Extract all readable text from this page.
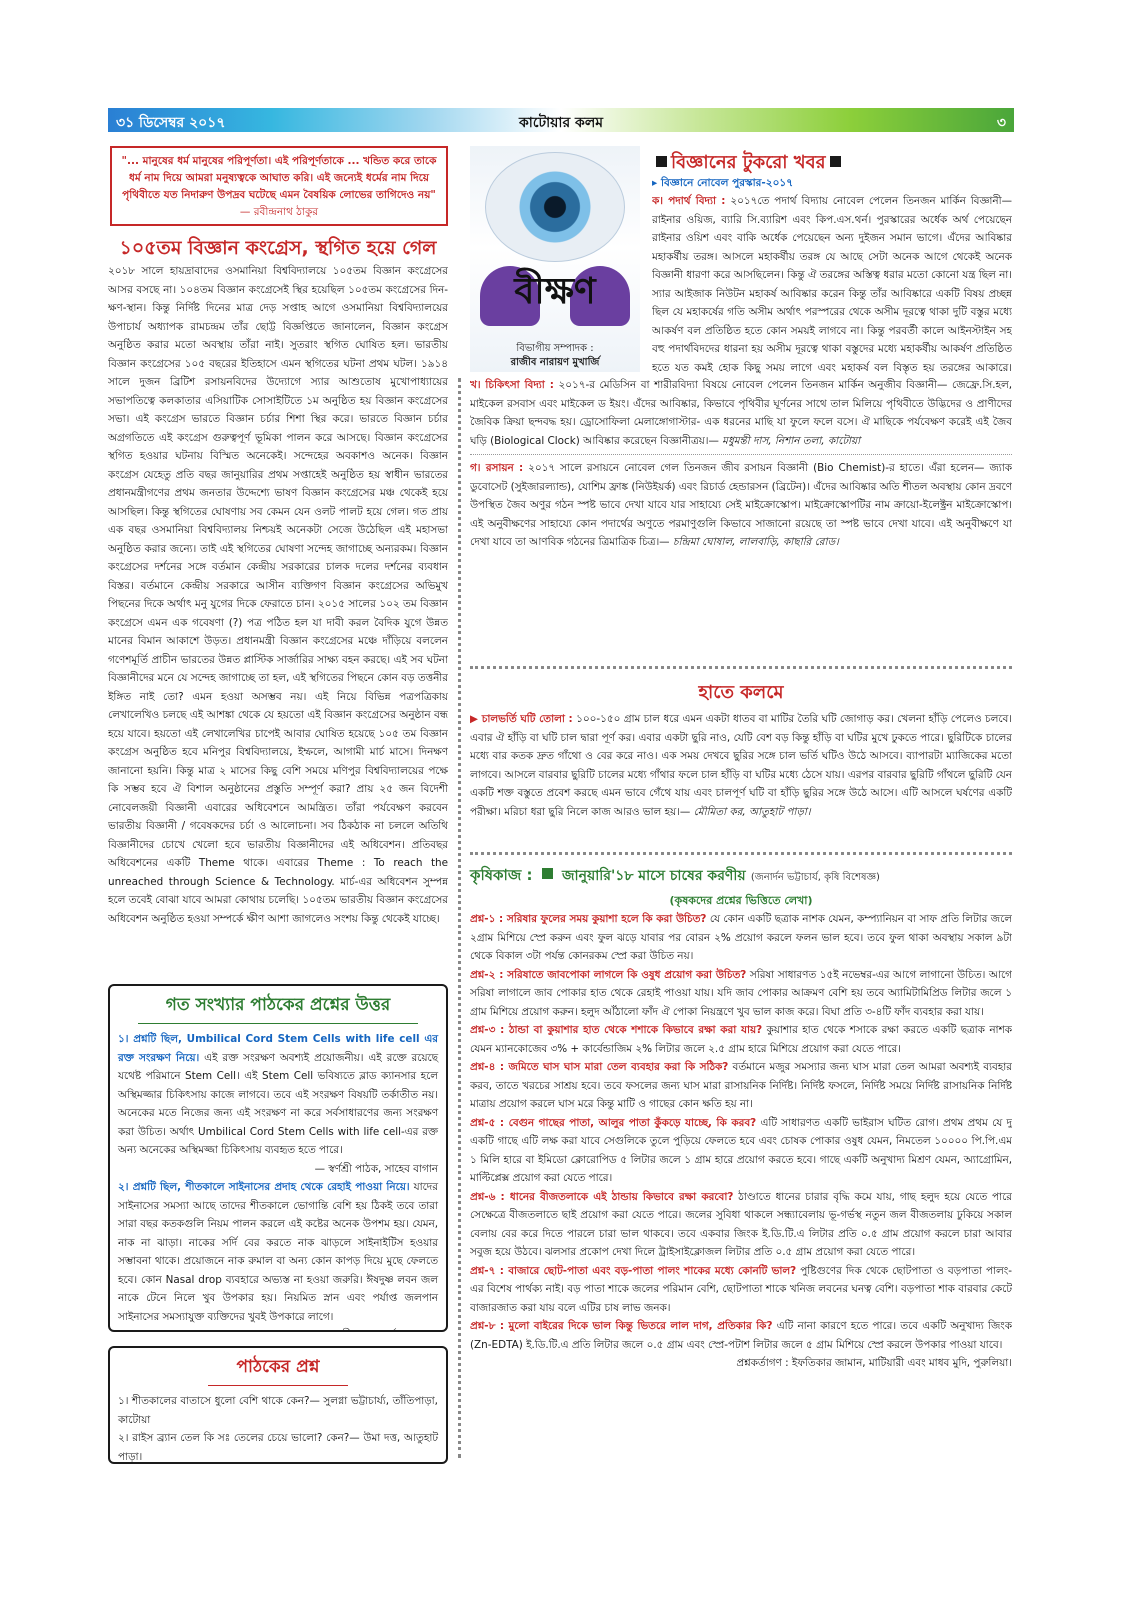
৩১ ডিসেম্বর ২০১৭	কাটোয়ার কলম	৩
"... মানুষের ধর্ম মানুষের পরিপূর্ণতা। এই পরিপূর্ণতাকে ... খন্ডিত করে তাকে ধর্ম নাম দিয়ে আমরা মনুষ্যত্বকে আঘাত করি। এই জন্যেই ধর্মের নাম দিয়ে পৃথিবীতে যত নিদারুণ উপদ্রব ঘটেছে এমন বৈষয়িক লোভের তাগিদেও নয়" — রবীন্দ্রনাথ ঠাকুর
১০৫তম বিজ্ঞান কংগ্রেস, স্থগিত হয়ে গেল
২০১৮ সালে হায়দ্রাবাদের ওসমানিয়া বিশ্ববিদ্যালয়ে ১০৫তম বিজ্ঞান কংগ্রেসের আসর বসছে না। ১০৪তম বিজ্ঞান কংগ্রেসেই স্থির হয়েছিল ১০৫তম কংগ্রেসের দিন-ক্ষণ-স্থান। কিন্তু নির্দিষ্ট দিনের মাত্র দেড় সপ্তাহ আগে ওসমানিয়া বিশ্ববিদ্যালয়ের উপাচার্য অধ্যাপক রামচন্দ্রম তাঁর ছোট্ট বিজ্ঞপ্তিতে জানালেন, বিজ্ঞান কংগ্রেস অনুষ্ঠিত করার মতো অবস্থায় তাঁরা নাই। সুতরাং স্থগিত ঘোষিত হল। ভারতীয় বিজ্ঞান কংগ্রেসের ১০৫ বছরের ইতিহাসে এমন স্থগিতের ঘটনা প্রথম ঘটল। ১৯১৪ সালে দুজন ব্রিটিশ রসায়নবিদের উদ্যোগে স্যার আশুতোষ মুখোপাধ্যায়ের সভাপতিত্বে কলকাতার এসিয়াটিক সোসাইটিতে ১ম অনুষ্ঠিত হয় বিজ্ঞান কংগ্রেসের সভা। এই কংগ্রেস ভারতে বিজ্ঞান চর্চার শিশা স্থির করে। ভারতে বিজ্ঞান চর্চার অগ্রগতিতে এই কংগ্রেস গুরুত্বপূর্ণ ভূমিকা পালন করে আসছে। বিজ্ঞান কংগ্রেসের স্থগিত হওয়ার ঘটনায় বিস্মিত অনেকেই। সন্দেহের অবকাশও অনেক। বিজ্ঞান কংগ্রেস যেহেতু প্রতি বছর জানুয়ারির প্রথম সপ্তাহেই অনুষ্ঠিত হয় স্বাধীন ভারতের প্রধানমন্ত্রীগণের প্রথম জনতার উদ্দেশ্যে ভাষণ বিজ্ঞান কংগ্রেসের মঞ্চ থেকেই হয়ে আসছিল। কিন্তু স্থগিতের ঘোষণায় সব কেমন যেন ওলট পালট হয়ে গেল। গত প্রায় এক বছর ওসমানিয়া বিশ্ববিদ্যালয় নিশ্চয়ই অনেকটা সেজে উঠেছিল এই মহাসভা অনুষ্ঠিত করার জন্যে। তাই এই স্থগিতের ঘোষণা সন্দেহ জাগাচ্ছে অন্যরকম। বিজ্ঞান কংগ্রেসের দর্শনের সঙ্গে বর্তমান কেন্দ্রীয় সরকারের চালক দলের দর্শনের ব্যবধান বিস্তর। বর্তমানে কেন্দ্রীয় সরকারে আসীন ব্যক্তিগণ বিজ্ঞান কংগ্রেসের অভিমুখ পিছনের দিকে অর্থাৎ মনু যুগের দিকে ফেরাতে চান। ২০১৫ সালের ১০২ তম বিজ্ঞান কংগ্রেসে এমন এক গবেষণা (?) পত্র পঠিত হল যা দাবী করল বৈদিক যুগে উন্নত মানের বিমান আকাশে উড়ত। প্রধানমন্ত্রী বিজ্ঞান কংগ্রেসের মঞ্চে দাঁড়িয়ে বললেন গণেশমূর্তি প্রাচীন ভারতের উন্নত প্লাস্টিক সার্জারির সাক্ষ্য বহন করছে। এই সব ঘটনা বিজ্ঞানীদের মনে যে সন্দেহ জাগাচ্ছে তা হল, এই স্থগিতের পিছনে কোন বড় তত্তনীর ইঙ্গিত নাই তো? এমন হওয়া অসম্ভব নয়। এই নিয়ে বিভিন্ন পত্রপত্রিকায় লেখালেখিও চলছে এই আশঙ্কা থেকে যে হয়তো এই বিজ্ঞান কংগ্রেসের অনুষ্ঠান বন্ধ হয়ে যাবে। হয়তো এই লেখালেখির চাপেই আবার ঘোষিত হয়েছে ১০৫ তম বিজ্ঞান কংগ্রেস অনুষ্ঠিত হবে মনিপুর বিশ্ববিদ্যালয়ে, ইম্ফলে, আগামী মার্চ মাসে। দিনক্ষণ জানানো হয়নি। কিন্তু মাত্র ২ মাসের কিছু বেশি সময়ে মণিপুর বিশ্ববিদ্যালয়ের পক্ষে কি সম্ভব হবে ঐ বিশাল অনুষ্ঠানের প্রস্তুতি সম্পূর্ণ করা? প্রায় ২৫ জন বিদেশী নোবেলজয়ী বিজ্ঞানী এবারের অধিবেশনে আমন্ত্রিত। তাঁরা পর্যবেক্ষণ করবেন ভারতীয় বিজ্ঞানী / গবেষকদের চর্চা ও আলোচনা। সব ঠিকঠাক না চললে অতিথি বিজ্ঞানীদের চোখে খেলো হবে ভারতীয় বিজ্ঞানীদের এই অধিবেশন। প্রতিবছর অধিবেশনের একটি Theme থাকে। এবারের Theme : To reach the unreached through Science & Technology. মার্চ-এর অধিবেশন সুম্পন্ন হলে তবেই বোঝা যাবে আমরা কোথায় চলেছি। ১০৫তম ভারতীয় বিজ্ঞান কংগ্রেসের অধিবেশন অনুষ্ঠিত হওয়া সম্পর্কে ক্ষীণ আশা জাগলেও সংশয় কিন্তু থেকেই যাচ্ছে।
গত সংখ্যার পাঠকের প্রশ্নের উত্তর
১। প্রশ্নটি ছিল, Umbilical Cord Stem Cells with life cell এর রক্ত সংরক্ষণ নিয়ে। এই রক্ত সংরক্ষণ অবশ্যই প্রয়োজনীয়। এই রক্তে রয়েছে যথেষ্ট পরিমানে Stem Cell। এই Stem Cell ভবিষ্যতে ব্লাড ক্যানসার হলে অস্থিমজ্জার চিকিৎসায় কাজে লাগবে। তবে এই সংরক্ষণ বিষয়টি তর্কাতীত নয়। অনেকের মতে নিজের জন্য এই সংরক্ষণ না করে সর্বসাধারণের জন্য সংরক্ষণ করা উচিত। অর্থাৎ Umbilical Cord Stem Cells with life cell-এর রক্ত অন্য অনেকের অস্থিমজ্জা চিকিৎসায় ব্যবহৃত হতে পারে।
— স্বর্ণশ্রী পাঠক, সাহেব বাগান
২। প্রশ্নটি ছিল, শীতকালে সাইনাসের প্রদাহ থেকে রেহাই পাওয়া নিয়ে। যাদের সাইনাসের সমস্যা আছে তাদের শীতকালে ভোগান্তি বেশি হয় ঠিকই তবে তারা সারা বছর কতকগুলি নিয়ম পালন করলে এই কষ্টের অনেক উপশম হয়। যেমন, নাক না ঝাড়া। নাকের সর্দি বের করতে নাক ঝাড়লে সাইনাইটিস হওয়ার সম্ভাবনা থাকে। প্রয়োজনে নাক রুমাল বা অন্য কোন কাপড় দিয়ে মুছে ফেলতে হবে। কোন Nasal drop ব্যবহারে অভ্যস্ত না হওয়া জরুরি। ঈষদুষ্ণ লবন জল নাকে টেনে নিলে খুব উপকার হয়। নিয়মিত স্নান এবং পর্যাপ্ত জলপান সাইনাসের সমস্যাযুক্ত ব্যক্তিদের খুবই উপকারে লাগে।
পাঠকের প্রশ্ন
১। শীতকালের বাতাসে ধুলো বেশি থাকে কেন?— সুলগ্না ভট্টাচার্য্য, তাঁতিপাড়া, কাটোয়া
২। রাইস ব্র্যান তেল কি সঃ তেলের চেয়ে ভালো? কেন?— উমা দত্ত, আতুহাট পাড়া।
বীক্ষণ
বিভাগীয় সম্পাদক :
রাজীব নারায়ণ মুখার্জি
বিজ্ঞানের টুকরো খবর
▸ বিজ্ঞানে নোবেল পুরস্কার-২০১৭
ক। পদার্থ বিদ্যা : ২০১৭তে পদার্থ বিদ্যায় নোবেল পেলেন তিনজন মার্কিন বিজ্ঞানী— রাইনার ওয়িজ, ব্যারি সি.ব্যারিশ এবং কিপ.এস.থর্ন। পুরস্কারের অর্ধেক অর্থ পেয়েছেন রাইনার ওয়িশ এবং বাকি অর্ধেক পেয়েছেন অন্য দুইজন সমান ভাগে। এঁদের আবিষ্কার মহাকর্ষীয় তরঙ্গ। আসলে মহাকর্ষীয় তরঙ্গ যে আছে সেটা অনেক আগে থেকেই অনেক বিজ্ঞানী ধারণা করে আসছিলেন। কিন্তু ঐ তরঙ্গের অস্তিত্ব ধরার মতো কোনো যন্ত্র ছিল না। স্যার আইজাক নিউটন মহাকর্ষ আবিষ্কার করেন কিন্তু তাঁর আবিষ্কারে একটি বিষয় প্রচ্ছন্ন ছিল যে মহাকর্ষের গতি অসীম অর্থাৎ পরস্পরের থেকে অসীম দূরত্বে থাকা দুটি বস্তুর মধ্যে আকর্ষণ বল প্রতিষ্ঠিত হতে কোন সময়ই লাগবে না। কিন্তু পরবর্তী কালে আইনস্টাইন সহ বহু পদার্থবিদদের ধারনা হয় অসীম দূরত্বে থাকা বস্তুদের মধ্যে মহাকর্ষীয় আকর্ষণ প্রতিষ্ঠিত হতে যত কমই হোক কিছু সময় লাগে এবং মহাকর্ষ বল বিস্তৃত হয় তরঙ্গের আকারে।
খ। চিকিৎসা বিদ্যা : ২০১৭-র মেডিসিন বা শারীরবিদ্যা বিষয়ে নোবেল পেলেন তিনজন মার্কিন অনুজীব বিজ্ঞানী— জেফ্রে.সি.হল, মাইকেল রসবাস এবং মাইকেল ড ইয়ং। এঁদের আবিষ্কার, কিভাবে পৃথিবীর ঘূর্ণনের সাথে তাল মিলিয়ে পৃথিবীতে উদ্ভিদের ও প্রাণীদের জৈবিক ক্রিয়া ছন্দবদ্ধ হয়। ড্রোসোফিলা মেলাঙ্গোগাস্টার- এক ধরনের মাছি যা ফুলে ফলে বসে। ঐ মাছিকে পর্যবেক্ষণ করেই এই জৈব ঘড়ি (Biological Clock) আবিষ্কার করেছেন বিজ্ঞানীত্রয়।— মধুমন্তী দাস, নিশান তলা, কাটোয়া
গ। রসায়ন : ২০১৭ সালে রসায়নে নোবেল গেল তিনজন জীব রসায়ন বিজ্ঞানী (Bio Chemist)-র হাতে। এঁরা হলেন— জ্যাক ডুবোসেট (সুইজারল্যান্ড), যোশিম ফ্রাঙ্ক (নিউইয়র্ক) এবং রিচার্ড হেন্ডারসন (ব্রিটেন)। এঁদের আবিষ্কার অতি শীতল অবস্থায় কোন দ্রবণে উপস্থিত জৈব অণুর গঠন স্পষ্ট ভাবে দেখা যাবে যার সাহায্যে সেই মাইক্রোস্কোপ। মাইক্রোস্কোপটির নাম ক্রায়ো-ইলেক্ট্রন মাইক্রোস্কোপ। এই অনুবীক্ষণের সাহায্যে কোন পদার্থের অণুতে পরমাণুগুলি কিভাবে সাজানো রয়েছে তা স্পষ্ট ভাবে দেখা যাবে। এই অনুবীক্ষণে যা দেখা যাবে তা আণবিক গঠনের ত্রিমাত্রিক চিত্র।— চন্দ্রিমা ঘোষাল, লালবাড়ি, কাছারি রোড।
হাতে কলমে
▶ চালভর্তি ঘটি তোলা : ১০০-১৫০ গ্রাম চাল ধরে এমন একটা ধাতব বা মাটির তৈরি ঘটি জোগাড় কর। খেলনা হাঁড়ি পেলেও চলবে। এবার ঐ হাঁড়ি বা ঘটি চাল দ্বারা পূর্ণ কর। এবার একটা ছুরি নাও, যেটি বেশ বড় কিন্তু হাঁড়ি বা ঘটির মুখে ঢুকতে পারে। ছুরিটিকে চালের মধ্যে বার কতক দ্রুত গাঁথো ও বের করে নাও। এক সময় দেখবে ছুরির সঙ্গে চাল ভর্তি ঘটিও উঠে আসবে। ব্যাপারটা ম্যাজিকের মতো লাগবে। আসলে বারবার ছুরিটি চালের মধ্যে গাঁথার ফলে চাল হাঁড়ি বা ঘটির মধ্যে ঠেসে যায়। এরপর বারবার ছুরিটি গাঁথলে ছুরিটি যেন একটি শক্ত বস্তুতে প্রবেশ করছে এমন ভাবে গেঁথে যায় এবং চালপূর্ণ ঘটি বা হাঁড়ি ছুরির সঙ্গে উঠে আসে। এটি আসলে ঘর্ষণের একটি পরীক্ষা। মরিচা ধরা ছুরি নিলে কাজ আরও ভাল হয়।— মৌমিতা কর, আতুহাট পাড়া।
কৃষিকাজ : জানুয়ারি'১৮ মাসে চাষের করণীয় (জনার্দন ভট্টাচার্য, কৃষি বিশেষজ্ঞ)
(কৃষকদের প্রশ্নের ভিত্তিতে লেখা)
প্রশ্ন-১ : সরিষার ফুলের সময় কুয়াশা হলে কি করা উচিত? যে কোন একটি ছত্রাক নাশক যেমন, কম্প্যানিয়ন বা সাফ প্রতি লিটার জলে ২গ্রাম মিশিয়ে স্প্রে করুন এবং ফুল ঝড়ে যাবার পর বোরন ২% প্রয়োগ করলে ফলন ভাল হবে। তবে ফুল থাকা অবস্থায় সকাল ৯টা থেকে বিকাল ৩টা পর্যন্ত কোনরকম স্প্রে করা উচিত নয়।
প্রশ্ন-২ : সরিষাতে জাবপোকা লাগলে কি ওষুধ প্রয়োগ করা উচিত? সরিষা সাধারণত ১৫ই নভেম্বর-এর আগে লাগানো উচিত। আগে সরিষা লাগালে জাব পোকার হাত থেকে রেহাই পাওয়া যায়। যদি জাব পোকার আক্রমণ বেশি হয় তবে অ্যামিটামিপ্রিড লিটার জলে ১ গ্রাম মিশিয়ে প্রয়োগ করুন। হলুদ আঁঠালো ফাঁদ ঐ পোকা নিয়ন্ত্রণে খুব ভাল কাজ করে। বিঘা প্রতি ৩-৪টি ফাঁদ ব্যবহার করা যায়।
প্রশ্ন-৩ : ঠান্ডা বা কুয়াশার হাত থেকে শশাকে কিভাবে রক্ষা করা যায়? কুয়াশার হাত থেকে শসাকে রক্ষা করতে একটি ছত্রাক নাশক যেমন ম্যানকোজেব ৩% + কার্বেন্ডাজিম ২% লিটার জলে ২.৫ গ্রাম হারে মিশিয়ে প্রয়োগ করা যেতে পারে।
প্রশ্ন-৪ : জমিতে ঘাস ঘাস মারা তেল ব্যবহার করা কি সঠিক? বর্তমানে মজুর সমস্যার জন্য ঘাস মারা তেল আমরা অবশ্যই ব্যবহার করব, তাতে খরচের সাশ্রয় হবে। তবে ফসলের জন্য ঘাস মারা রাসায়নিক নির্দিষ্ট। নির্দিষ্ট ফসলে, নির্দিষ্ট সময়ে নির্দিষ্ট রাসায়নিক নির্দিষ্ট মাত্রায় প্রয়োগ করলে ঘাস মরে কিন্তু মাটি ও গাছের কোন ক্ষতি হয় না।
প্রশ্ন-৫ : বেগুন গাছের পাতা, আলুর পাতা কুঁকড়ে যাচ্ছে, কি করব? এটি সাধারণত একটি ভাইরাস ঘটিত রোগ। প্রথম প্রথম যে দু একটি গাছে এটি লক্ষ করা যাবে সেগুলিকে তুলে পুড়িয়ে ফেলতে হবে এবং চোষক পোকার ওষুধ যেমন, নিমতেল ১০০০০ পি.পি.এম ১ মিলি হারে বা ইমিডো ক্লোরোপিড ৫ লিটার জলে ১ গ্রাম হারে প্রয়োগ করতে হবে। গাছে একটি অনুখাদ্য মিশ্রণ যেমন, অ্যাগ্রোমিন, মাল্টিপ্লেক্স প্রয়োগ করা যেতে পারে।
প্রশ্ন-৬ : ধানের বীজতলাকে এই ঠান্ডায় কিভাবে রক্ষা করবো? ঠাণ্ডাতে ধানের চারার বৃদ্ধি কমে যায়, গাছ হলুদ হয়ে যেতে পারে সেক্ষেত্রে বীজতলাতে ছাই প্রয়োগ করা যেতে পারে। জলের সুবিধা থাকলে সন্ধ্যাবেলায় ভূ-গর্ভস্থ নতুন জল বীজতলায় ঢুকিয়ে সকাল বেলায় বের করে দিতে পারলে চারা ভাল থাকবে। তবে একবার জিংক ই.ডি.টি.এ লিটার প্রতি ০.৫ গ্রাম প্রয়োগ করলে চারা আবার সবুজ হয়ে উঠবে। ঝলসার প্রকোপ দেখা দিলে ট্রাইসাইক্লোজল লিটার প্রতি ০.৫ গ্রাম প্রয়োগ করা যেতে পারে।
প্রশ্ন-৭ : বাজারে ছোট-পাতা এবং বড়-পাতা পালং শাকের মধ্যে কোনটি ভাল? পুষ্টিগুণের দিক থেকে ছোটপাতা ও বড়পাতা পালং-এর বিশেষ পার্থক্য নাই। বড় পাতা শাকে জলের পরিমান বেশি, ছোটপাতা শাকে খনিজ লবনের ঘনত্ব বেশি। বড়পাতা শাক বারবার কেটে বাজারজাত করা যায় বলে এটির চাষ লাভ জনক।
প্রশ্ন-৮ : মুলো বাইরের দিকে ভাল কিন্তু ভিতরে লাল দাগ, প্রতিকার কি? এটি নানা কারণে হতে পারে। তবে একটি অনুখাদ্য জিংক (Zn-EDTA) ই.ডি.টি.এ প্রতি লিটার জলে ০.৫ গ্রাম এবং স্প্রে-পটাশ লিটার জলে ৫ গ্রাম মিশিয়ে স্প্রে করলে উপকার পাওয়া যাবে।
প্রশ্নকর্তাগণ : ইফতিকার জামান, মাটিয়ারী এবং মাধব মুদি, পুরুলিয়া।
